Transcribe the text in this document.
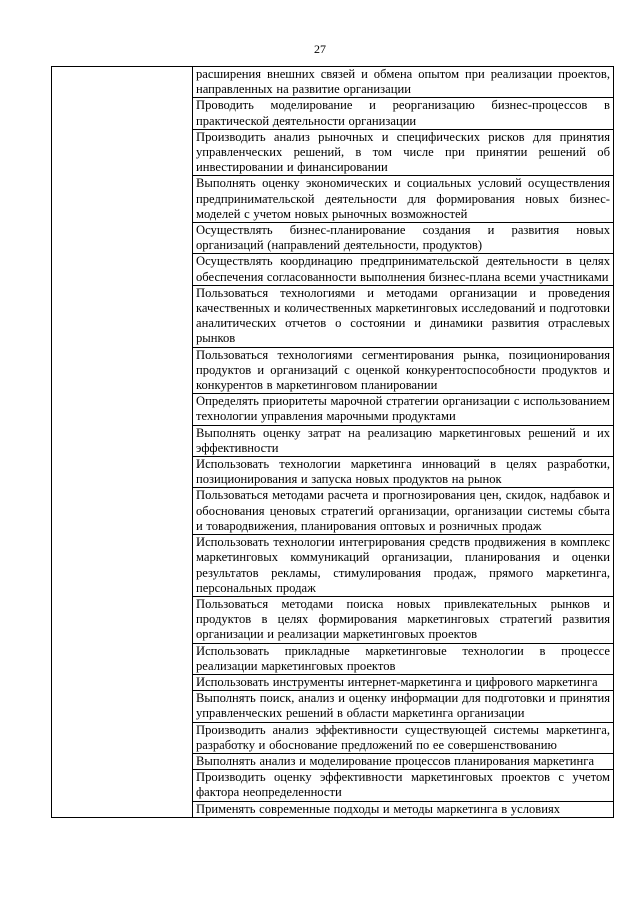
27

расширения внешних связей и обмена опытом при реализации проектов, направленных на развитие организации

Проводить моделирование и реорганизацию бизнес-процессов в практической деятельности организации

Производить анализ рыночных и специфических рисков для принятия управленческих решений, в том числе при принятии решений об инвестировании и финансировании

Выполнять оценку экономических и социальных условий осуществления предпринимательской деятельности для формирования новых бизнес-моделей с учетом новых рыночных возможностей

Осуществлять бизнес-планирование создания и развития новых организаций (направлений деятельности, продуктов)

Осуществлять координацию предпринимательской деятельности в целях обеспечения согласованности выполнения бизнес-плана всеми участниками

Пользоваться технологиями и методами организации и проведения качественных и количественных маркетинговых исследований и подготовки аналитических отчетов о состоянии и динамики развития отраслевых рынков

Пользоваться технологиями сегментирования рынка, позиционирования продуктов и организаций с оценкой конкурентоспособности продуктов и конкурентов в маркетинговом планировании

Определять приоритеты марочной стратегии организации с использованием технологии управления марочными продуктами

Выполнять оценку затрат на реализацию маркетинговых решений и их эффективности

Использовать технологии маркетинга инноваций в целях разработки, позиционирования и запуска новых продуктов на рынок

Пользоваться методами расчета и прогнозирования цен, скидок, надбавок и обоснования ценовых стратегий организации, организации системы сбыта и товародвижения, планирования оптовых и розничных продаж

Использовать технологии интегрирования средств продвижения в комплекс маркетинговых коммуникаций организации, планирования и оценки результатов рекламы, стимулирования продаж, прямого маркетинга, персональных продаж

Пользоваться методами поиска новых привлекательных рынков и продуктов в целях формирования маркетинговых стратегий развития организации и реализации маркетинговых проектов

Использовать прикладные маркетинговые технологии в процессе реализации маркетинговых проектов

Использовать инструменты интернет-маркетинга и цифрового маркетинга

Выполнять поиск, анализ и оценку информации для подготовки и принятия управленческих решений в области маркетинга организации

Производить анализ эффективности существующей системы маркетинга, разработку и обоснование предложений по ее совершенствованию

Выполнять анализ и моделирование процессов планирования маркетинга

Производить оценку эффективности маркетинговых проектов с учетом фактора неопределенности

Применять современные подходы и методы маркетинга в условиях
